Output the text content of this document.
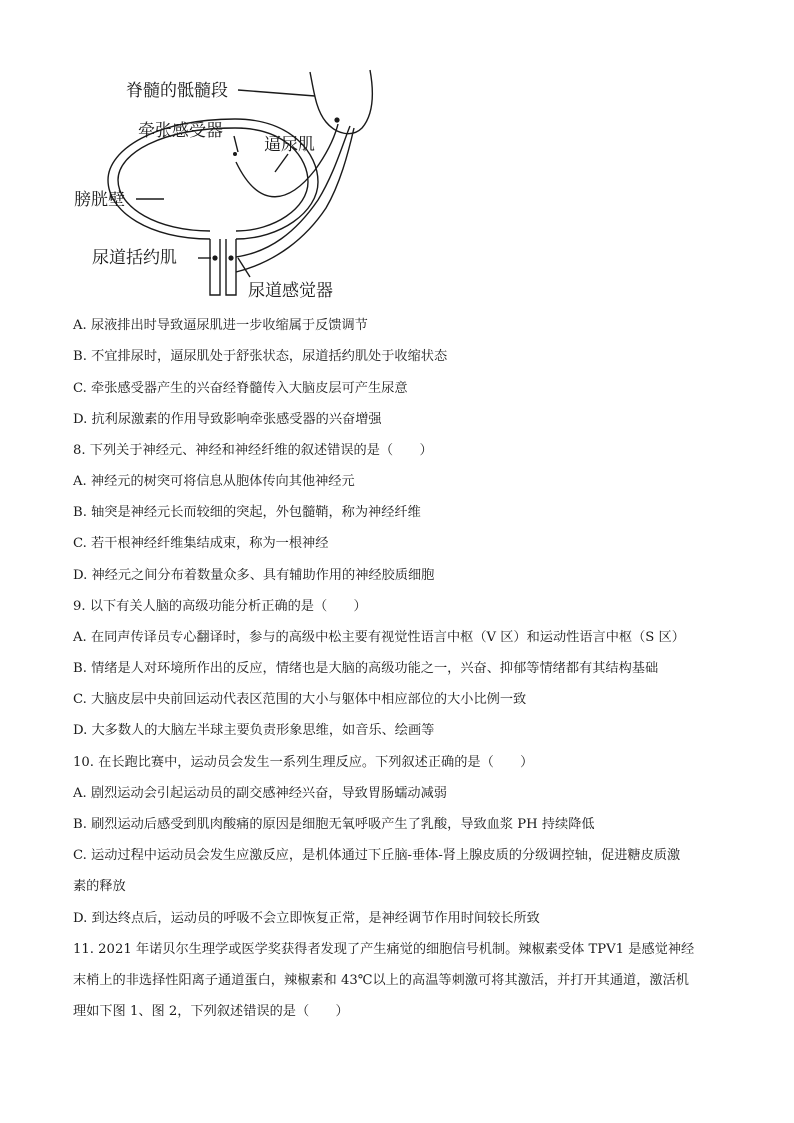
脊髓的骶髓段
牵张感受器
逼尿肌
膀胱壁
尿道括约肌
尿道感觉器
A. 尿液排出时导致逼尿肌进一步收缩属于反馈调节
B. 不宜排尿时，逼尿肌处于舒张状态，尿道括约肌处于收缩状态
C. 牵张感受器产生的兴奋经脊髓传入大脑皮层可产生尿意
D. 抗利尿激素的作用导致影响牵张感受器的兴奋增强
8. 下列关于神经元、神经和神经纤维的叙述错误的是（　　）
A. 神经元的树突可将信息从胞体传向其他神经元
B. 轴突是神经元长而较细的突起，外包髓鞘，称为神经纤维
C. 若干根神经纤维集结成束，称为一根神经
D. 神经元之间分布着数量众多、具有辅助作用的神经胶质细胞
9. 以下有关人脑的高级功能分析正确的是（　　）
A. 在同声传译员专心翻译时，参与的高级中松主要有视觉性语言中枢（V 区）和运动性语言中枢（S 区）
B. 情绪是人对环境所作出的反应，情绪也是大脑的高级功能之一，兴奋、抑郁等情绪都有其结构基础
C. 大脑皮层中央前回运动代表区范围的大小与躯体中相应部位的大小比例一致
D. 大多数人的大脑左半球主要负责形象思维，如音乐、绘画等
10. 在长跑比赛中，运动员会发生一系列生理反应。下列叙述正确的是（　　）
A. 剧烈运动会引起运动员的副交感神经兴奋，导致胃肠蠕动减弱
B. 刷烈运动后感受到肌肉酸痛的原因是细胞无氧呼吸产生了乳酸，导致血浆 PH 持续降低
C. 运动过程中运动员会发生应激反应，是机体通过下丘脑-垂体-肾上腺皮质的分级调控轴，促进糖皮质激
素的释放
D. 到达终点后，运动员的呼吸不会立即恢复正常，是神经调节作用时间较长所致
11. 2021 年诺贝尔生理学或医学奖获得者发现了产生痛觉的细胞信号机制。辣椒素受体 TPV1 是感觉神经
末梢上的非选择性阳离子通道蛋白，辣椒素和 43℃以上的高温等刺激可将其激活，并打开其通道，激活机
理如下图 1、图 2，下列叙述错误的是（　　）
